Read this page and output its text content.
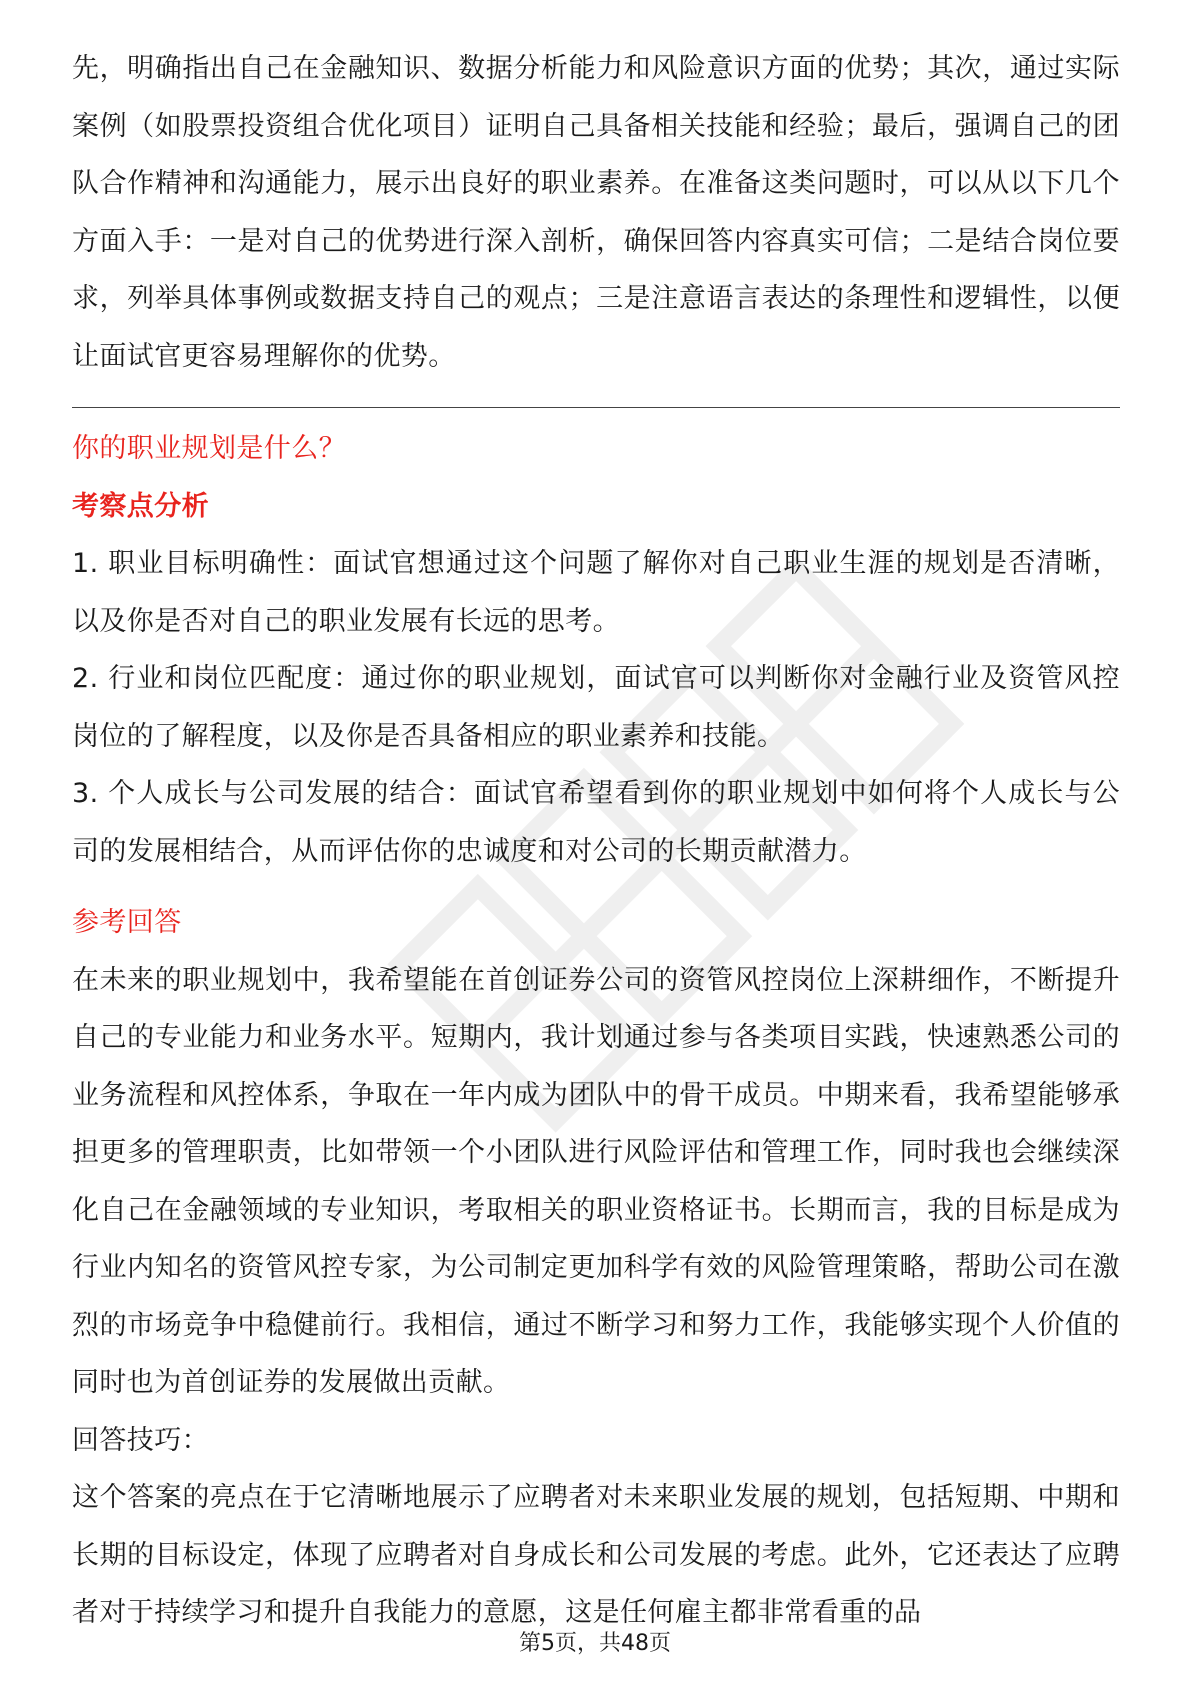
先，明确指出自己在金融知识、数据分析能力和风险意识方面的优势；其次，通过实际案例（如股票投资组合优化项目）证明自己具备相关技能和经验；最后，强调自己的团队合作精神和沟通能力，展示出良好的职业素养。在准备这类问题时，可以从以下几个方面入手：一是对自己的优势进行深入剖析，确保回答内容真实可信；二是结合岗位要求，列举具体事例或数据支持自己的观点；三是注意语言表达的条理性和逻辑性，以便让面试官更容易理解你的优势。

你的职业规划是什么？

考察点分析

1. 职业目标明确性：面试官想通过这个问题了解你对自己职业生涯的规划是否清晰，以及你是否对自己的职业发展有长远的思考。

2. 行业和岗位匹配度：通过你的职业规划，面试官可以判断你对金融行业及资管风控岗位的了解程度，以及你是否具备相应的职业素养和技能。

3. 个人成长与公司发展的结合：面试官希望看到你的职业规划中如何将个人成长与公司的发展相结合，从而评估你的忠诚度和对公司的长期贡献潜力。

参考回答

在未来的职业规划中，我希望能在首创证券公司的资管风控岗位上深耕细作，不断提升自己的专业能力和业务水平。短期内，我计划通过参与各类项目实践，快速熟悉公司的业务流程和风控体系，争取在一年内成为团队中的骨干成员。中期来看，我希望能够承担更多的管理职责，比如带领一个小团队进行风险评估和管理工作，同时我也会继续深化自己在金融领域的专业知识，考取相关的职业资格证书。长期而言，我的目标是成为行业内知名的资管风控专家，为公司制定更加科学有效的风险管理策略，帮助公司在激烈的市场竞争中稳健前行。我相信，通过不断学习和努力工作，我能够实现个人价值的同时也为首创证券的发展做出贡献。

回答技巧：

这个答案的亮点在于它清晰地展示了应聘者对未来职业发展的规划，包括短期、中期和长期的目标设定，体现了应聘者对自身成长和公司发展的考虑。此外，它还表达了应聘者对于持续学习和提升自我能力的意愿，这是任何雇主都非常看重的品

第5页，共48页
